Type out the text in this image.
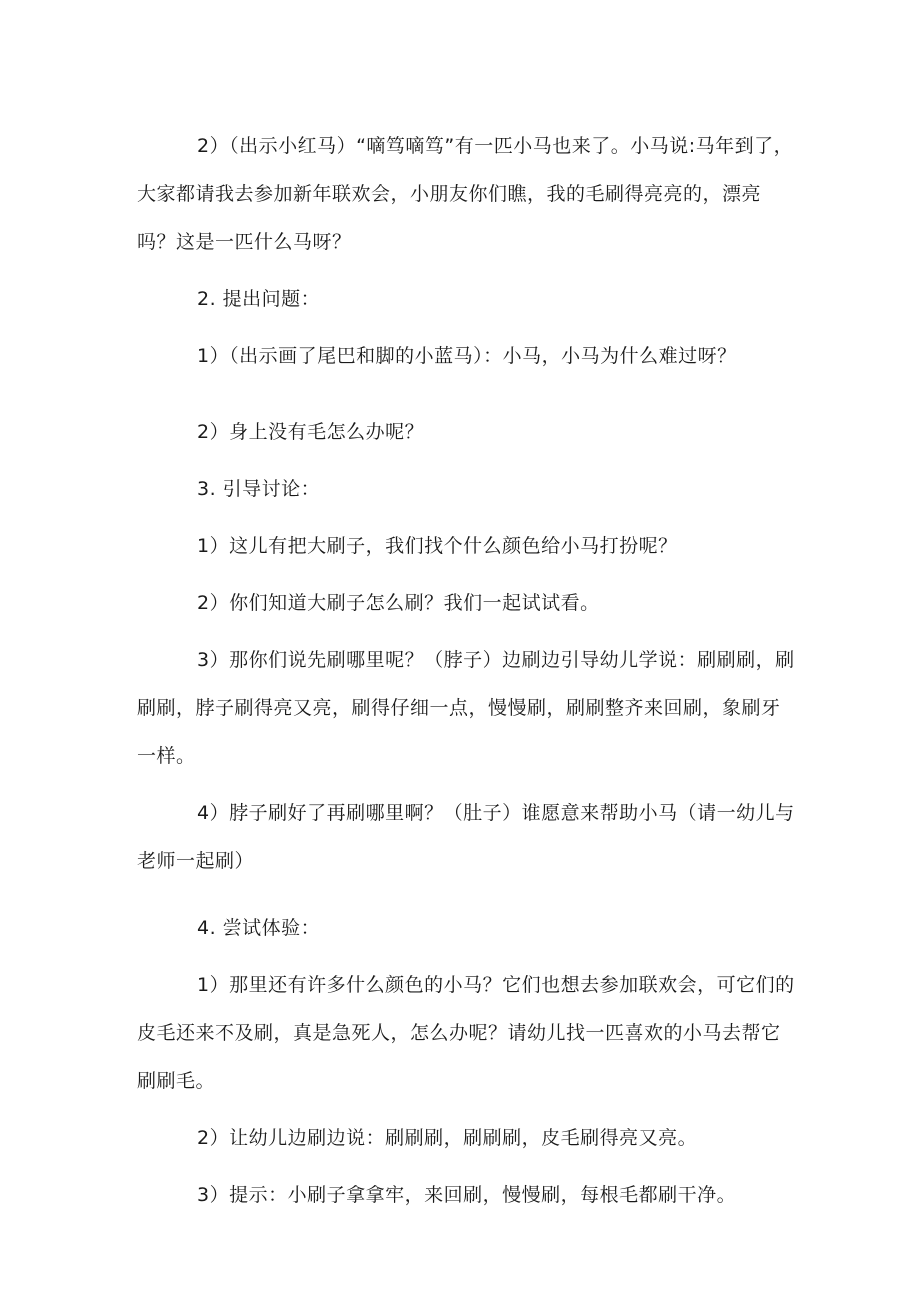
2）（出示小红马）“嘀笃嘀笃”有一匹小马也来了。小马说:马年到了，大家都请我去参加新年联欢会，小朋友你们瞧，我的毛刷得亮亮的，漂亮吗？这是一匹什么马呀？

2. 提出问题：

1）（出示画了尾巴和脚的小蓝马）：小马，小马为什么难过呀？

2）身上没有毛怎么办呢？

3. 引导讨论：

1）这儿有把大刷子，我们找个什么颜色给小马打扮呢？

2）你们知道大刷子怎么刷？我们一起试试看。

3）那你们说先刷哪里呢？（脖子）边刷边引导幼儿学说：刷刷刷，刷刷刷，脖子刷得亮又亮，刷得仔细一点，慢慢刷，刷刷整齐来回刷，象刷牙一样。

4）脖子刷好了再刷哪里啊？（肚子）谁愿意来帮助小马（请一幼儿与老师一起刷）

4. 尝试体验：

1）那里还有许多什么颜色的小马？它们也想去参加联欢会，可它们的皮毛还来不及刷，真是急死人，怎么办呢？请幼儿找一匹喜欢的小马去帮它刷刷毛。

2）让幼儿边刷边说：刷刷刷，刷刷刷，皮毛刷得亮又亮。

3）提示：小刷子拿拿牢，来回刷，慢慢刷，每根毛都刷干净。
